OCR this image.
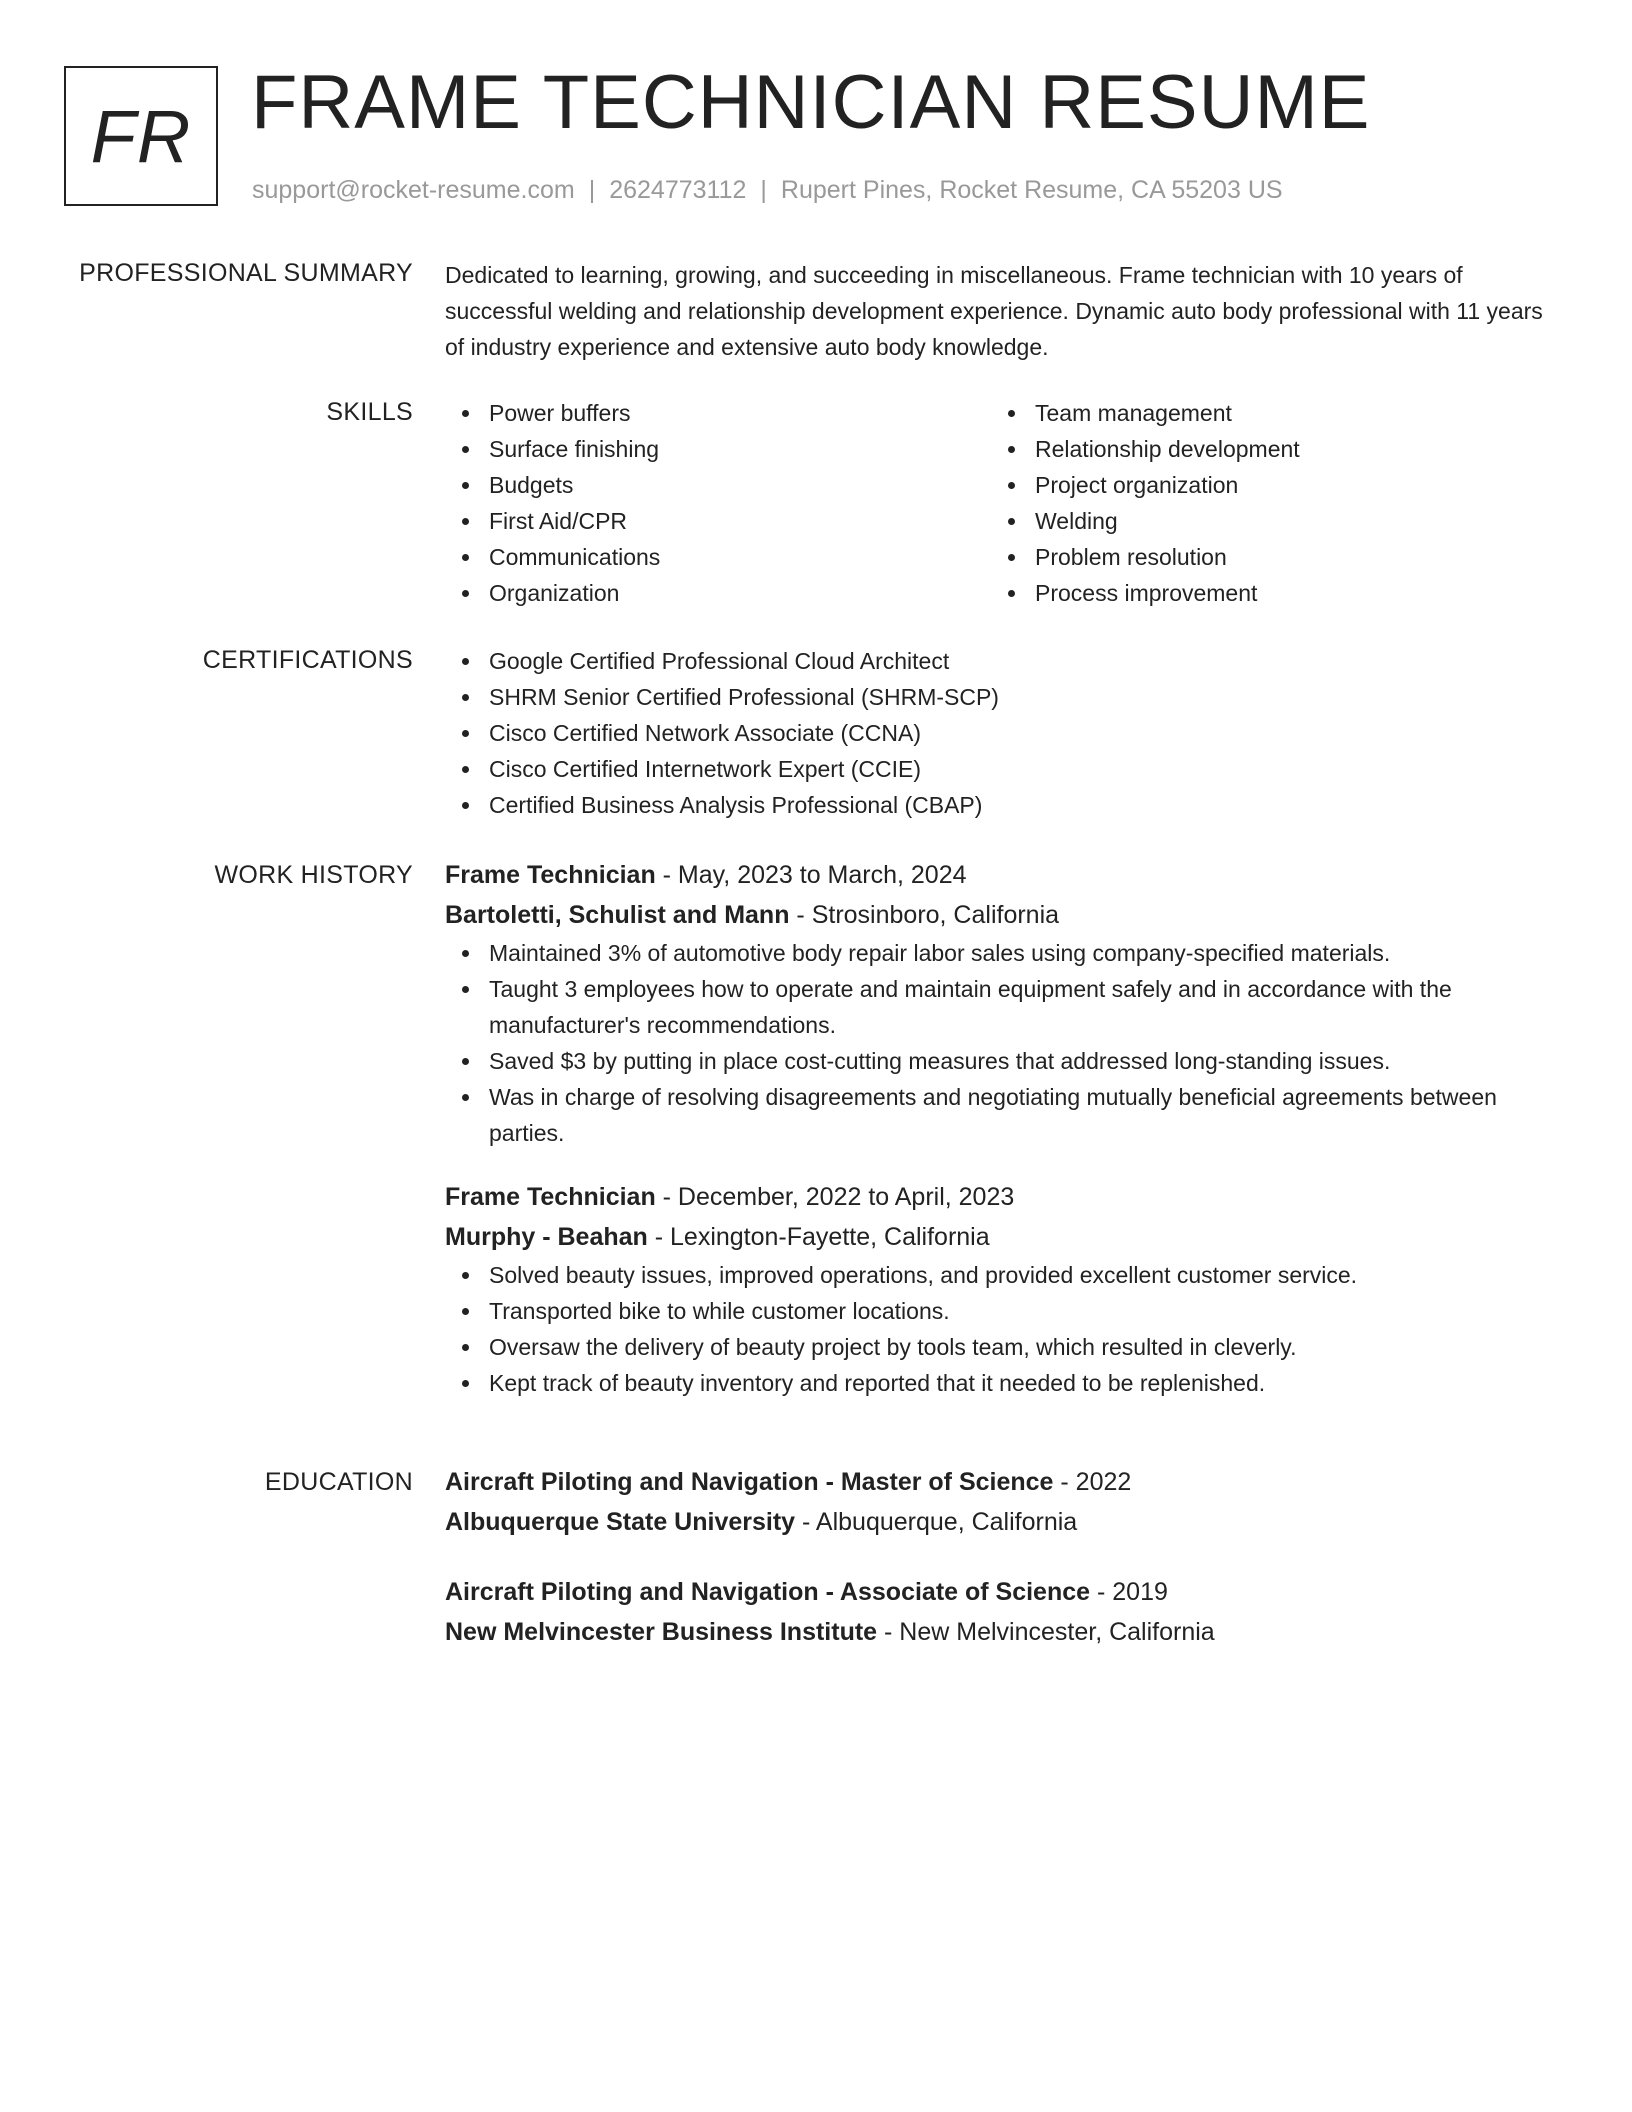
FR FRAME TECHNICIAN RESUME
support@rocket-resume.com | 2624773112 | Rupert Pines, Rocket Resume, CA 55203 US
PROFESSIONAL SUMMARY Dedicated to learning, growing, and succeeding in miscellaneous. Frame technician with 10 years of successful welding and relationship development experience. Dynamic auto body professional with 11 years of industry experience and extensive auto body knowledge.

SKILLS	Power buffers
Surface finishing
Budgets
First Aid/CPR
Communications
Organization
Team management
Relationship development
Project organization
Welding
Problem resolution
Process improvement
CERTIFICATIONS	Google Certified Professional Cloud Architect
SHRM Senior Certified Professional (SHRM-SCP)
Cisco Certified Network Associate (CCNA)
Cisco Certified Internetwork Expert (CCIE)
Certified Business Analysis Professional (CBAP)
WORK HISTORY Frame Technician - May, 2023 to March, 2024
Bartoletti, Schulist and Mann - Strosinboro, California
Maintained 3% of automotive body repair labor sales using company-specified materials.
Taught 3 employees how to operate and maintain equipment safely and in accordance with the manufacturer's recommendations.
Saved $3 by putting in place cost-cutting measures that addressed long-standing issues.
Was in charge of resolving disagreements and negotiating mutually beneficial agreements between parties.
Frame Technician - December, 2022 to April, 2023
Murphy - Beahan - Lexington-Fayette, California
Solved beauty issues, improved operations, and provided excellent customer service.
Transported bike to while customer locations.
Oversaw the delivery of beauty project by tools team, which resulted in cleverly.
Kept track of beauty inventory and reported that it needed to be replenished.
EDUCATION Aircraft Piloting and Navigation - Master of Science - 2022
Albuquerque State University - Albuquerque, California
Aircraft Piloting and Navigation - Associate of Science - 2019
New Melvincester Business Institute - New Melvincester, California
